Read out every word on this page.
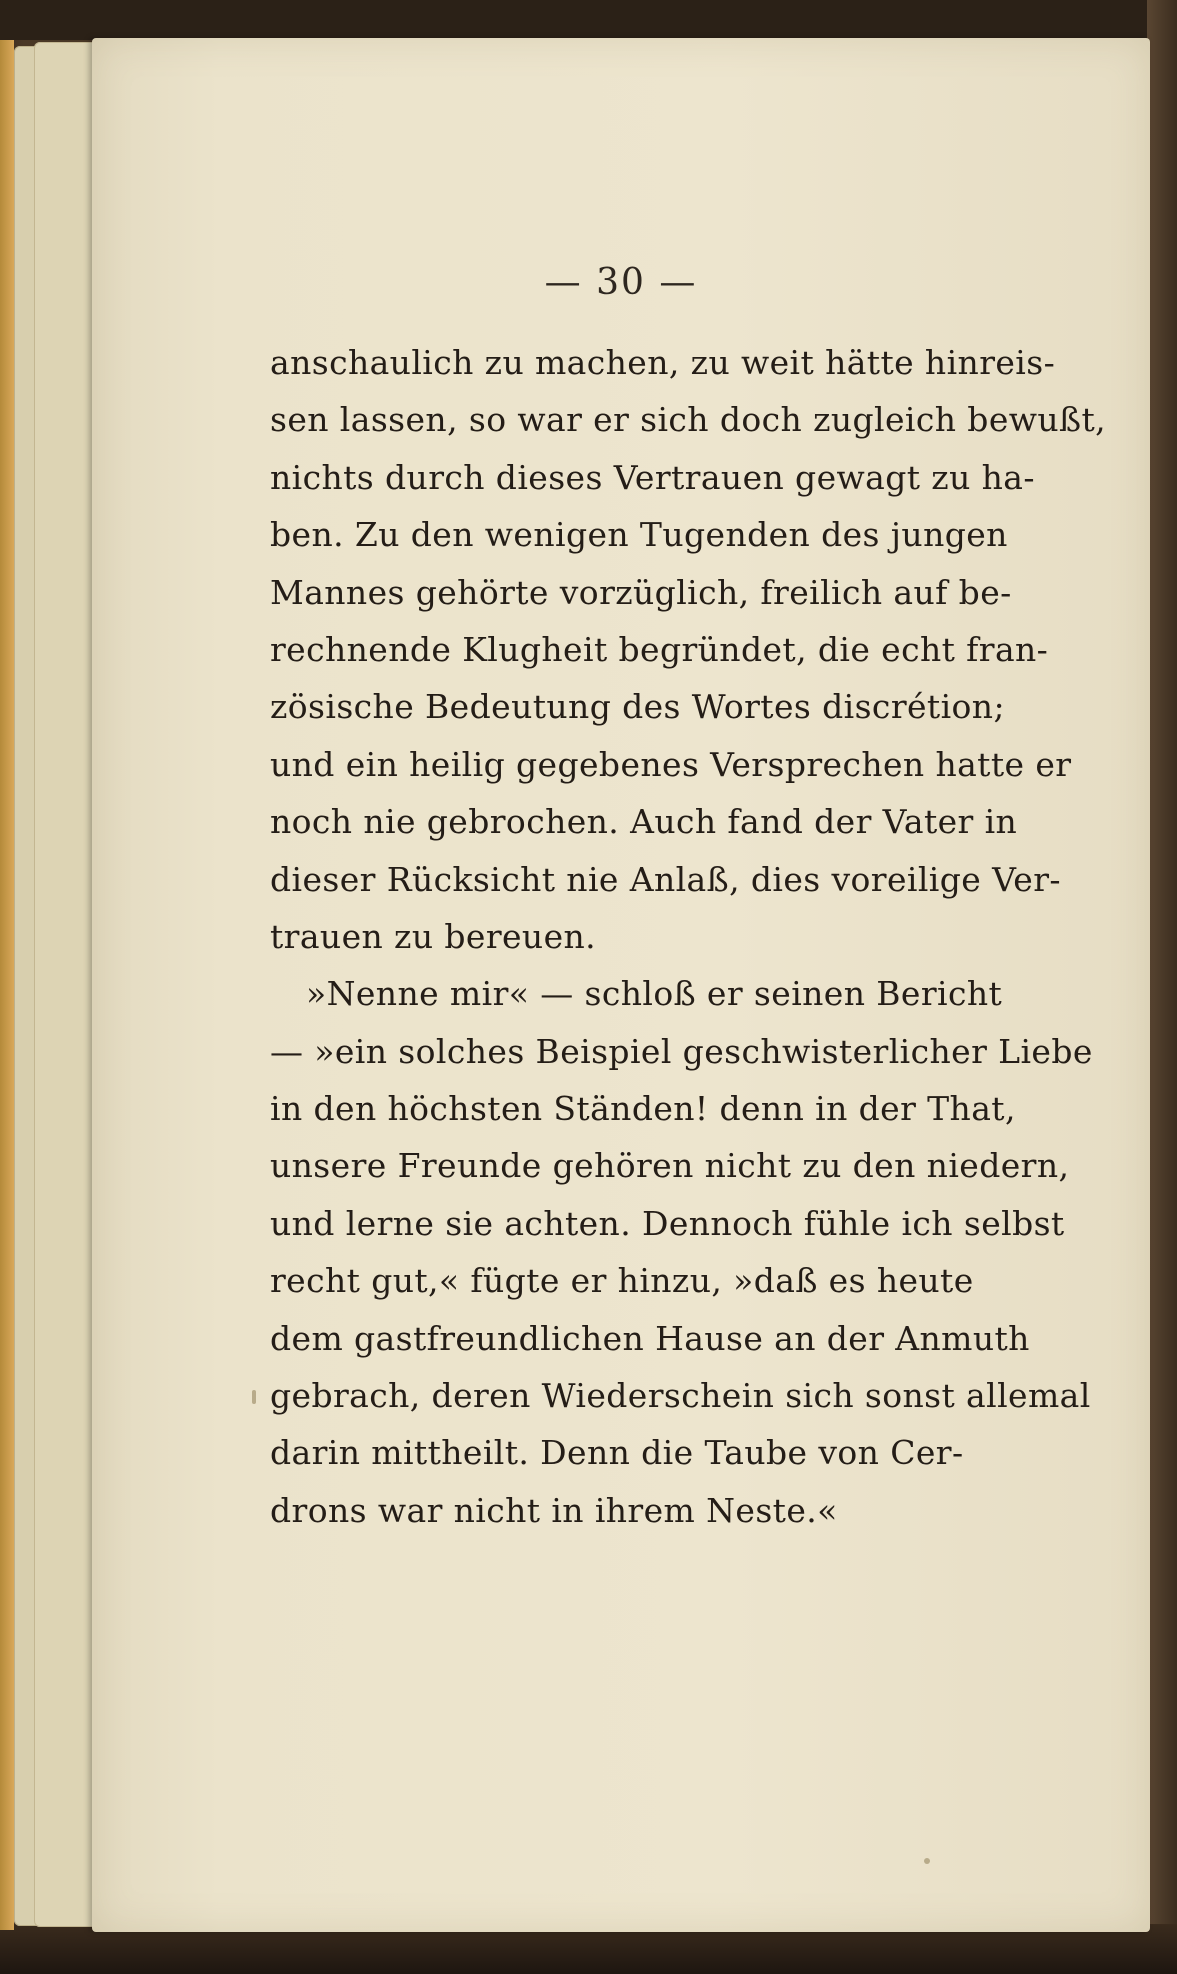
— 30 —
anschaulich zu machen, zu weit hätte hinreis-
sen lassen, so war er sich doch zugleich bewußt,
nichts durch dieses Vertrauen gewagt zu ha-
ben. Zu den wenigen Tugenden des jungen
Mannes gehörte vorzüglich, freilich auf be-
rechnende Klugheit begründet, die echt fran-
zösische Bedeutung des Wortes discrétion;
und ein heilig gegebenes Versprechen hatte er
noch nie gebrochen. Auch fand der Vater in
dieser Rücksicht nie Anlaß, dies voreilige Ver-
trauen zu bereuen.
»Nenne mir« — schloß er seinen Bericht
— »ein solches Beispiel geschwisterlicher Liebe
in den höchsten Ständen! denn in der That,
unsere Freunde gehören nicht zu den niedern,
und lerne sie achten. Dennoch fühle ich selbst
recht gut,« fügte er hinzu, »daß es heute
dem gastfreundlichen Hause an der Anmuth
gebrach, deren Wiederschein sich sonst allemal
darin mittheilt. Denn die Taube von Cer-
drons war nicht in ihrem Neste.«
